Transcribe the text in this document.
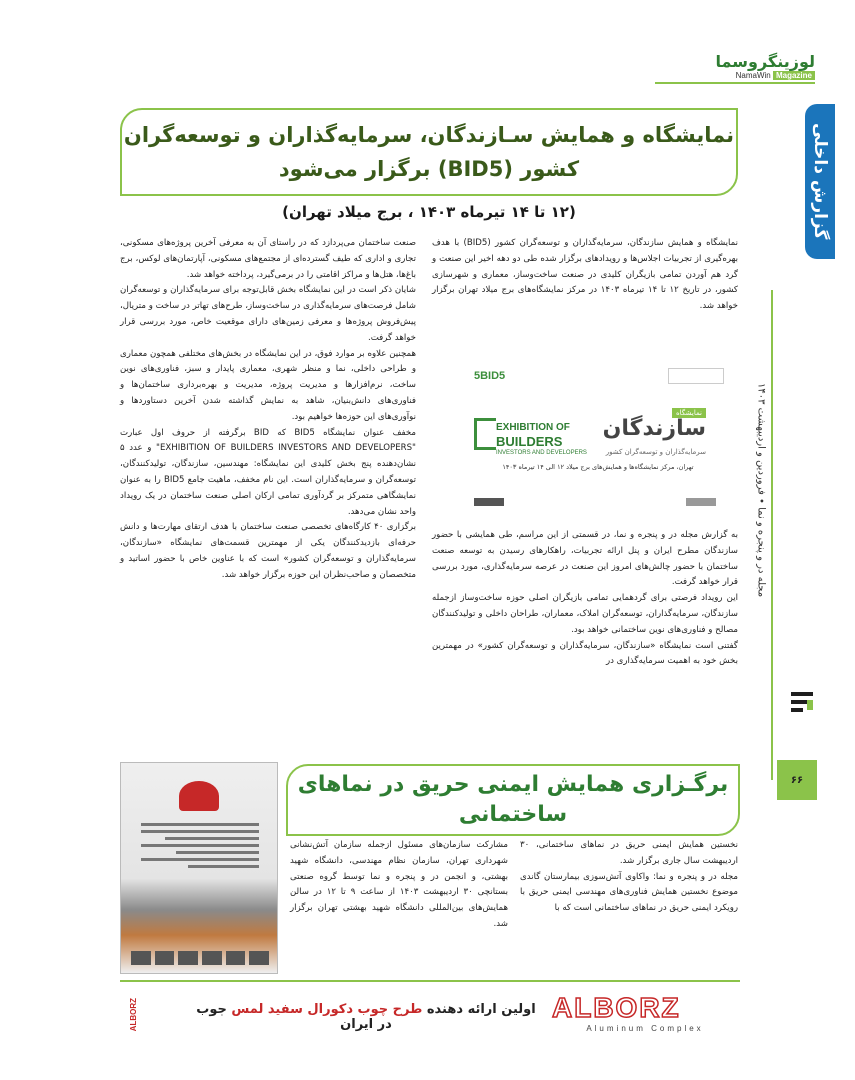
لوزینگروسما
NamaWin Magazine
گزارش داخلی
مجله در و پنجره و نما • فروردین و اردیبهشت ۱۴۰۳
۶۶
نمایشگاه و همایش سـازندگان، سرمایه‌گذاران و توسعه‌گران
کشور (BID5) برگزار می‌شود
(۱۲ تا ۱۴ تیرماه ۱۴۰۳ ، برج میلاد تهران)

نمایشگاه و همایش سازندگان، سرمایه‌گذاران و توسعه‌گران کشور (BID5) با هدف بهره‌گیری از تجربیات اجلاس‌ها و رویدادهای برگزار شده طی دو دهه اخیر این صنعت و گرد هم آوردن تمامی بازیگران کلیدی در صنعت ساخت‌وساز، معماری و شهرسازی کشور، در تاریخ ۱۲ تا ۱۴ تیرماه ۱۴۰۳ در مرکز نمایشگاه‌های برج میلاد تهران برگزار خواهد شد.

5BID5
EXHIBITION OF
BUILDERS
INVESTORS AND DEVELOPERS
نمایشگاه
سازندگان
سرمایه‌گذاران و توسعه‌گران کشور
تهران، مرکز نمایشگاه‌ها و همایش‌های برج میلاد ۱۲ الی ۱۴ تیرماه ۱۴۰۳

به گزارش مجله در و پنجره و نما، در قسمتی از این مراسم، طی همایشی با حضور سازندگان مطرح ایران و پنل ارائه تجربیات، راهکارهای رسیدن به توسعه صنعت ساختمان با حضور چالش‌های امروز این صنعت در عرصه سرمایه‌گذاری، مورد بررسی قرار خواهد گرفت.

این رویداد فرصتی برای گردهمایی تمامی بازیگران اصلی حوزه ساخت‌وساز ازجمله سازندگان، سرمایه‌گذاران، توسعه‌گران املاک، معماران، طراحان داخلی و تولیدکنندگان مصالح و فناوری‌های نوین ساختمانی خواهد بود.

گفتنی است نمایشگاه «سازندگان، سرمایه‌گذاران و توسعه‌گران کشور» در مهمترین بخش خود به اهمیت سرمایه‌گذاری در

صنعت ساختمان می‌پردازد که در راستای آن به معرفی آخرین پروژه‌های مسکونی، تجاری و اداری که طیف گسترده‌ای از مجتمع‌های مسکونی، آپارتمان‌های لوکس، برج باغ‌ها، هتل‌ها و مراکز اقامتی را در برمی‌گیرد، پرداخته خواهد شد.

شایان ذکر است در این نمایشگاه بخش قابل‌توجه برای سرمایه‌گذاران و توسعه‌گران شامل فرصت‌های سرمایه‌گذاری در ساخت‌وساز، طرح‌های تهاتر در ساخت و متریال، پیش‌فروش پروژه‌ها و معرفی زمین‌های دارای موقعیت خاص، مورد بررسی قرار خواهد گرفت.

همچنین علاوه بر موارد فوق، در این نمایشگاه در بخش‌های مختلفی همچون معماری و طراحی داخلی، نما و منظر شهری، معماری پایدار و سبز، فناوری‌های نوین ساخت، نرم‌افزارها و مدیریت پروژه، مدیریت و بهره‌برداری ساختمان‌ها و فناوری‌های دانش‌بنیان، شاهد به نمایش گذاشته شدن آخرین دستاوردها و نوآوری‌های این حوزه‌ها خواهیم بود.

مخفف عنوان نمایشگاه BID5 که BID برگرفته از حروف اول عبارت "EXHIBITION OF BUILDERS INVESTORS AND DEVELOPERS" و عدد ۵ نشان‌دهنده پنج بخش کلیدی این نمایشگاه: مهندسین، سازندگان، تولیدکنندگان، توسعه‌گران و سرمایه‌گذاران است. این نام مخفف، ماهیت جامع BID5 را به عنوان نمایشگاهی متمرکز بر گردآوری تمامی ارکان اصلی صنعت ساختمان در یک رویداد واحد نشان می‌دهد.

برگزاری ۴۰ کارگاه‌های تخصصی صنعت ساختمان با هدف ارتقای مهارت‌ها و دانش حرفه‌ای بازدیدکنندگان یکی از مهمترین قسمت‌های نمایشگاه «سازندگان، سرمایه‌گذاران و توسعه‌گران کشور» است که با عناوین خاص با حضور اساتید و متخصصان و صاحب‌نظران این حوزه برگزار خواهد شد.

برگـزاری همایش ایمنی حریق در نماهای
ساختمانی

نخستین همایش ایمنی حریق در نماهای ساختمانی، ۳۰ اردیبهشت سال جاری برگزار شد.

مجله در و پنجره و نما: واکاوی آتش‌سوزی بیمارستان گاندی موضوع نخستین همایش فناوری‌های مهندسی ایمنی حریق با رویکرد ایمنی حریق در نماهای ساختمانی است که با

مشارکت سازمان‌های مسئول ازجمله سازمان آتش‌نشانی شهرداری تهران، سازمان نظام مهندسی، دانشگاه شهید بهشتی، و انجمن در و پنجره و نما توسط گروه صنعتی بستانچی ۳۰ اردیبهشت ۱۴۰۳ از ساعت ۹ تا ۱۲ در سالن همایش‌های بین‌المللی دانشگاه شهید بهشتی تهران برگزار شد.

ALBORZ	اولین ارائه دهنده طرح چوب دکورال سفید لمس جوب در ایران
ALBORZ
Aluminum Complex
